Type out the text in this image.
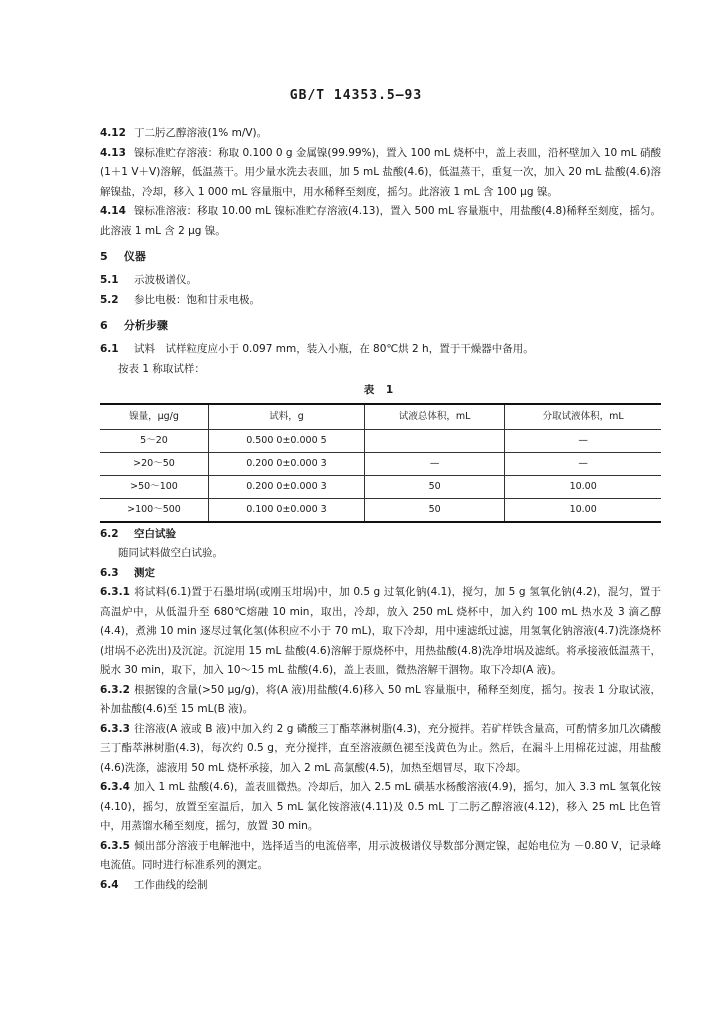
GB/T 14353.5—93

4.12 丁二肟乙醇溶液(1% m/V)。

4.13 镍标准贮存溶液：称取 0.100 0 g 金属镍(99.99%)，置入 100 mL 烧杯中，盖上表皿，沿杯壁加入 10 mL 硝酸(1＋1 V＋V)溶解，低温蒸干。用少量水洗去表皿，加 5 mL 盐酸(4.6)，低温蒸干，重复一次，加入 20 mL 盐酸(4.6)溶解镍盐，冷却，移入 1 000 mL 容量瓶中，用水稀释至刻度，摇匀。此溶液 1 mL 含 100 μg 镍。

4.14 镍标准溶液：移取 10.00 mL 镍标准贮存溶液(4.13)，置入 500 mL 容量瓶中，用盐酸(4.8)稀释至刻度，摇匀。此溶液 1 mL 含 2 μg 镍。

5 仪器

5.1 示波极谱仪。

5.2 参比电极：饱和甘汞电极。

6 分析步骤

6.1 试料　试样粒度应小于 0.097 mm，装入小瓶，在 80℃烘 2 h，置于干燥器中备用。

按表 1 称取试样：

表 1
镍量，μg/g	试料，g	试液总体积，mL	分取试液体积，mL
5～20	0.500 0±0.000 5		—
>20～50	0.200 0±0.000 3	—	—
>50～100	0.200 0±0.000 3	50	10.00
>100～500	0.100 0±0.000 3	50	10.00

6.2 空白试验

随同试料做空白试验。

6.3 测定

6.3.1 将试料(6.1)置于石墨坩埚(或刚玉坩埚)中，加 0.5 g 过氧化钠(4.1)，搅匀，加 5 g 氢氧化钠(4.2)，混匀，置于高温炉中，从低温升至 680℃熔融 10 min，取出，冷却，放入 250 mL 烧杯中，加入约 100 mL 热水及 3 滴乙醇(4.4)，煮沸 10 min 逐尽过氧化氢(体积应不小于 70 mL)，取下冷却，用中速滤纸过滤，用氢氧化钠溶液(4.7)洗涤烧杯(坩埚不必洗出)及沉淀。沉淀用 15 mL 盐酸(4.6)溶解于原烧杯中，用热盐酸(4.8)洗净坩埚及滤纸。将承接液低温蒸干，脱水 30 min，取下，加入 10～15 mL 盐酸(4.6)，盖上表皿，微热溶解干涸物。取下冷却(A 液)。

6.3.2 根据镍的含量(>50 μg/g)，将(A 液)用盐酸(4.6)移入 50 mL 容量瓶中，稀释至刻度，摇匀。按表 1 分取试液，补加盐酸(4.6)至 15 mL(B 液)。

6.3.3 往溶液(A 液或 B 液)中加入约 2 g 磷酸三丁酯萃淋树脂(4.3)，充分搅拌。若矿样铁含量高，可酌情多加几次磷酸三丁酯萃淋树脂(4.3)，每次约 0.5 g，充分搅拌，直至溶液颜色褪至浅黄色为止。然后，在漏斗上用棉花过滤，用盐酸(4.6)洗涤，滤液用 50 mL 烧杯承接，加入 2 mL 高氯酸(4.5)，加热至烟冒尽，取下冷却。

6.3.4 加入 1 mL 盐酸(4.6)，盖表皿微热。冷却后，加入 2.5 mL 磺基水杨酸溶液(4.9)，摇匀，加入 3.3 mL 氢氧化铵(4.10)，摇匀，放置至室温后，加入 5 mL 氯化铵溶液(4.11)及 0.5 mL 丁二肟乙醇溶液(4.12)，移入 25 mL 比色管中，用蒸馏水稀至刻度，摇匀，放置 30 min。

6.3.5 倾出部分溶液于电解池中，选择适当的电流倍率，用示波极谱仪导数部分测定镍，起始电位为 －0.80 V，记录峰电流值。同时进行标准系列的测定。

6.4 工作曲线的绘制
